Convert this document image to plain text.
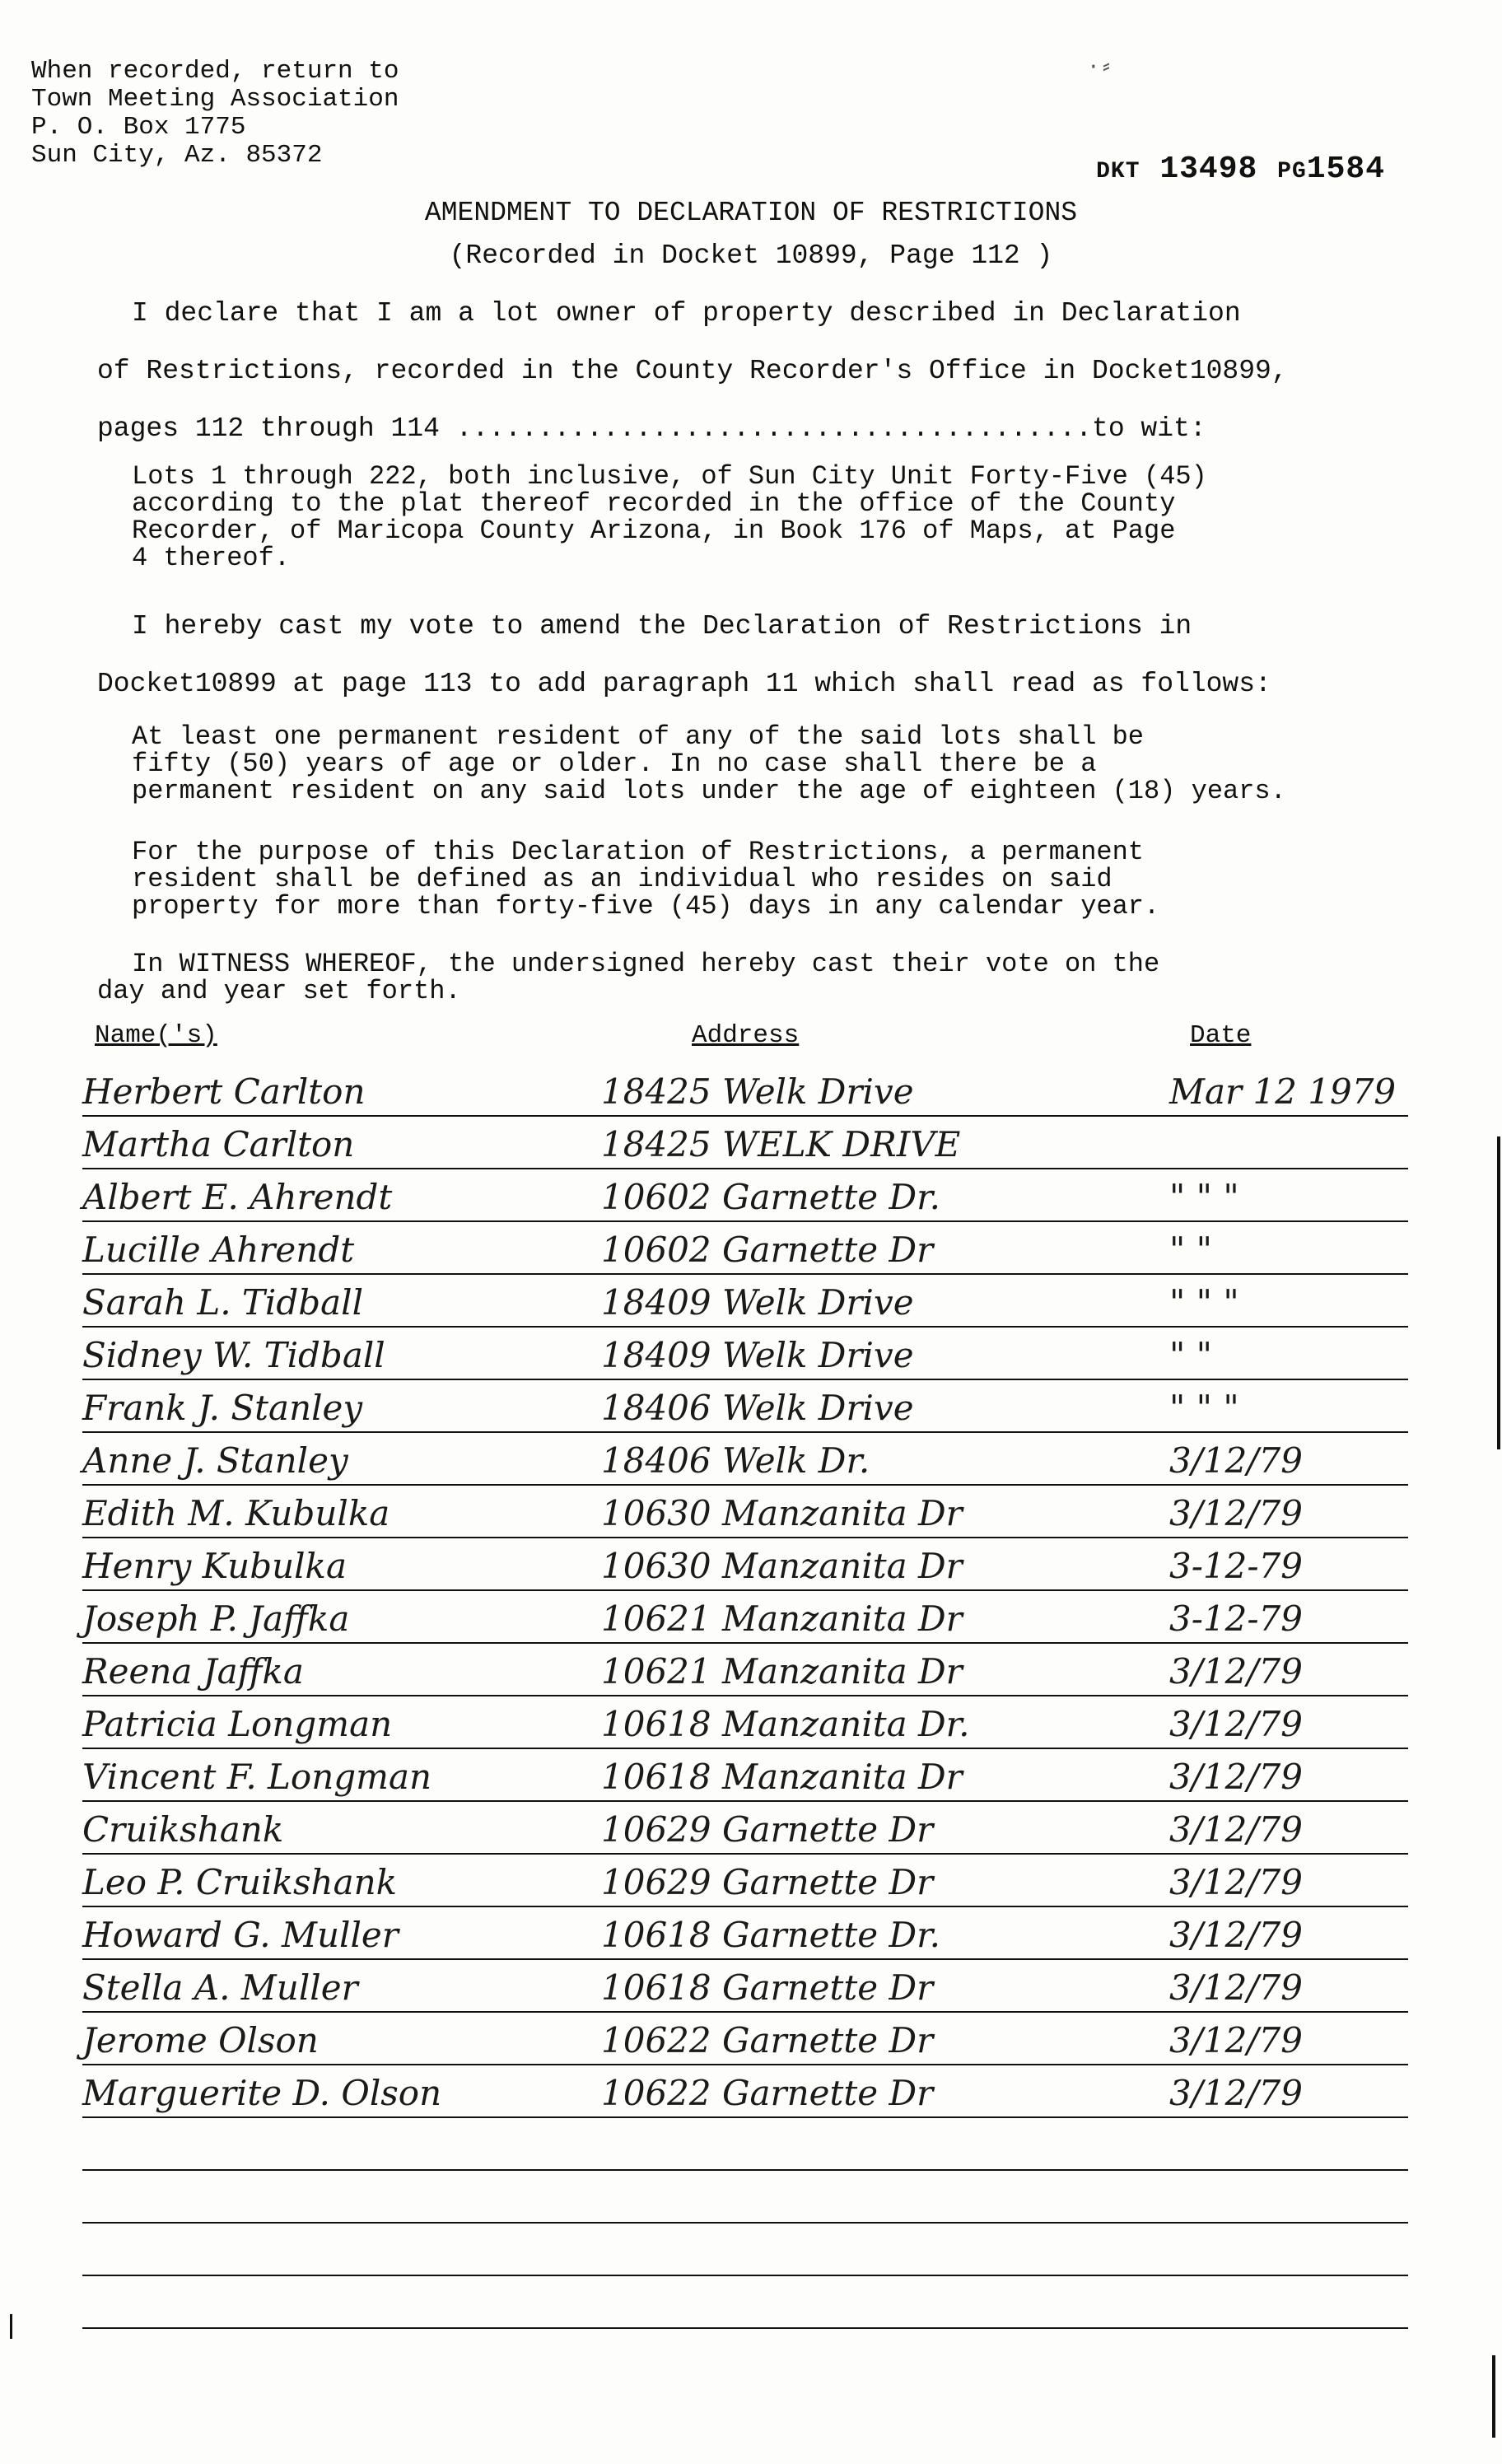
When recorded, return to
Town Meeting Association
P. O. Box 1775
Sun City, Az. 85372
·⸗
DKT 13498 PG1584
AMENDMENT TO DECLARATION OF RESTRICTIONS
(Recorded in Docket 10899, Page 112 )
I declare that I am a lot owner of property described in Declaration
of Restrictions, recorded in the County Recorder's Office in Docket10899,
pages 112 through 114 .......................................to wit:
Lots 1 through 222, both inclusive, of Sun City Unit Forty-Five (45)
according to the plat thereof recorded in the office of the County
Recorder, of Maricopa County Arizona, in Book 176 of Maps, at Page
4 thereof.
I hereby cast my vote to amend the Declaration of Restrictions in
Docket10899 at page 113 to add paragraph 11 which shall read as follows:
At least one permanent resident of any of the said lots shall be
fifty (50) years of age or older. In no case shall there be a
permanent resident on any said lots under the age of eighteen (18) years.
For the purpose of this Declaration of Restrictions, a permanent
resident shall be defined as an individual who resides on said
property for more than forty-five (45) days in any calendar year.
In WITNESS WHEREOF, the undersigned hereby cast their vote on the
day and year set forth.
Name('s)	Address	Date
Herbert Carlton	18425 Welk Drive	Mar 12 1979
Martha Carlton	18425 WELK DRIVE
Albert E. Ahrendt	10602 Garnette Dr.	" " "
Lucille Ahrendt	10602 Garnette Dr	" "
Sarah L. Tidball	18409 Welk Drive	" " "
Sidney W. Tidball	18409 Welk Drive	" "
Frank J. Stanley	18406 Welk Drive	" " "
Anne J. Stanley	18406 Welk Dr.	3/12/79
Edith M. Kubulka	10630 Manzanita Dr	3/12/79
Henry Kubulka	10630 Manzanita Dr	3-12-79
Joseph P. Jaffka	10621 Manzanita Dr	3-12-79
Reena Jaffka	10621 Manzanita Dr	3/12/79
Patricia Longman	10618 Manzanita Dr.	3/12/79
Vincent F. Longman	10618 Manzanita Dr	3/12/79
Cruikshank	10629 Garnette Dr	3/12/79
Leo P. Cruikshank	10629 Garnette Dr	3/12/79
Howard G. Muller	10618 Garnette Dr.	3/12/79
Stella A. Muller	10618 Garnette Dr	3/12/79
Jerome Olson	10622 Garnette Dr	3/12/79
Marguerite D. Olson	10622 Garnette Dr	3/12/79
